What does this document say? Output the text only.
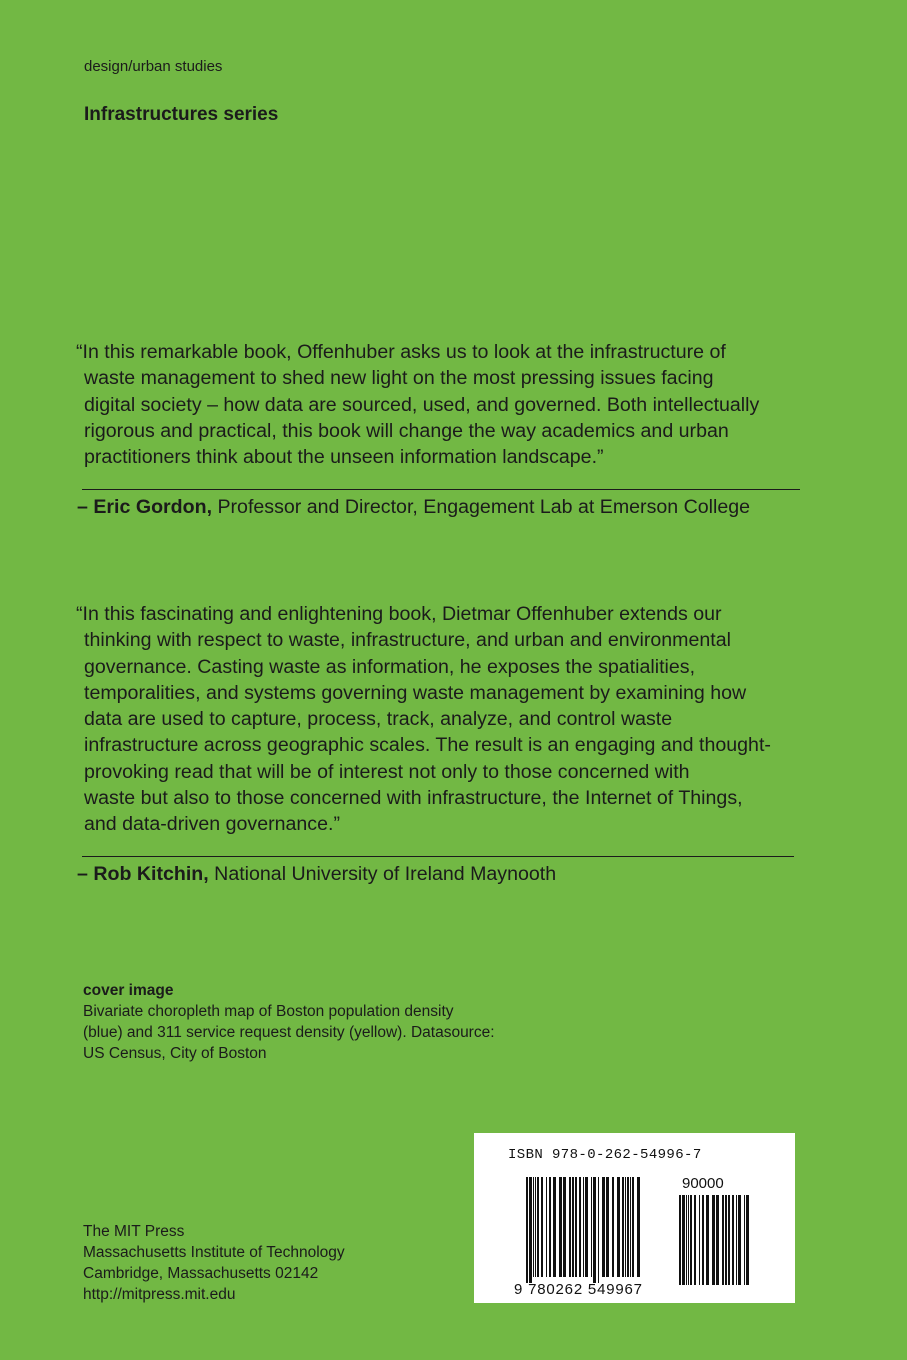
design/urban studies
Infrastructures series
“In this remarkable book, Offenhuber asks us to look at the infrastructure of
waste management to shed new light on the most pressing issues facing
digital society – how data are sourced, used, and governed. Both intellectually
rigorous and practical, this book will change the way academics and urban
practitioners think about the unseen information landscape.”
– Eric Gordon, Professor and Director, Engagement Lab at Emerson College
“In this fascinating and enlightening book, Dietmar Offenhuber extends our
thinking with respect to waste, infrastructure, and urban and environmental
governance. Casting waste as information, he exposes the spatialities,
temporalities, and systems governing waste management by examining how
data are used to capture, process, track, analyze, and control waste
infrastructure across geographic scales. The result is an engaging and thought-
provoking read that will be of interest not only to those concerned with
waste but also to those concerned with infrastructure, the Internet of Things,
and data-driven governance.”
– Rob Kitchin, National University of Ireland Maynooth
cover image
Bivariate choropleth map of Boston population density
(blue) and 311 service request density (yellow). Datasource:
US Census, City of Boston
The MIT Press
Massachusetts Institute of Technology
Cambridge, Massachusetts 02142
http://mitpress.mit.edu
ISBN 978-0-262-54996-7
90000
9 780262 549967
